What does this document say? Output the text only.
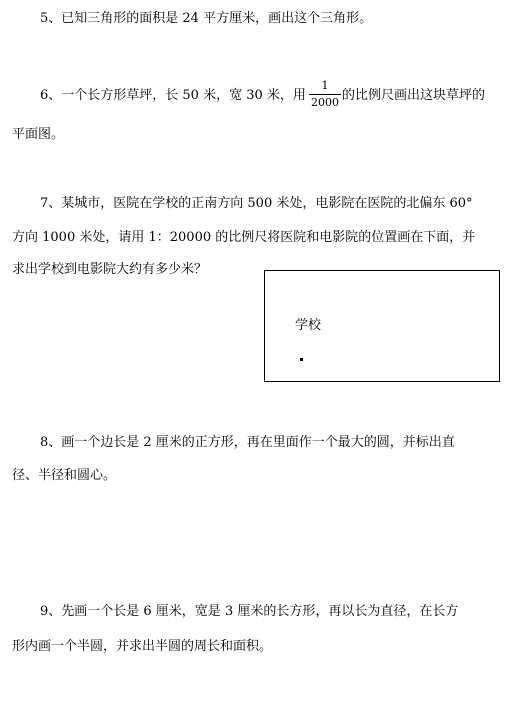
5、已知三角形的面积是 24 平方厘米，画出这个三角形。
6、一个长方形草坪，长 50 米，宽 30 米，用
1
2000 的比例尺画出这块草坪的
平面图。
7、某城市，医院在学校的正南方向 500 米处，电影院在医院的北偏东 60°
方向 1000 米处，请用 1：20000 的比例尺将医院和电影院的位置画在下面，并
求出学校到电影院大约有多少米？
学校
8、画一个边长是 2 厘米的正方形，再在里面作一个最大的圆，并标出直
径、半径和圆心。
9、先画一个长是 6 厘米，宽是 3 厘米的长方形，再以长为直径，在长方
形内画一个半圆，并求出半圆的周长和面积。
